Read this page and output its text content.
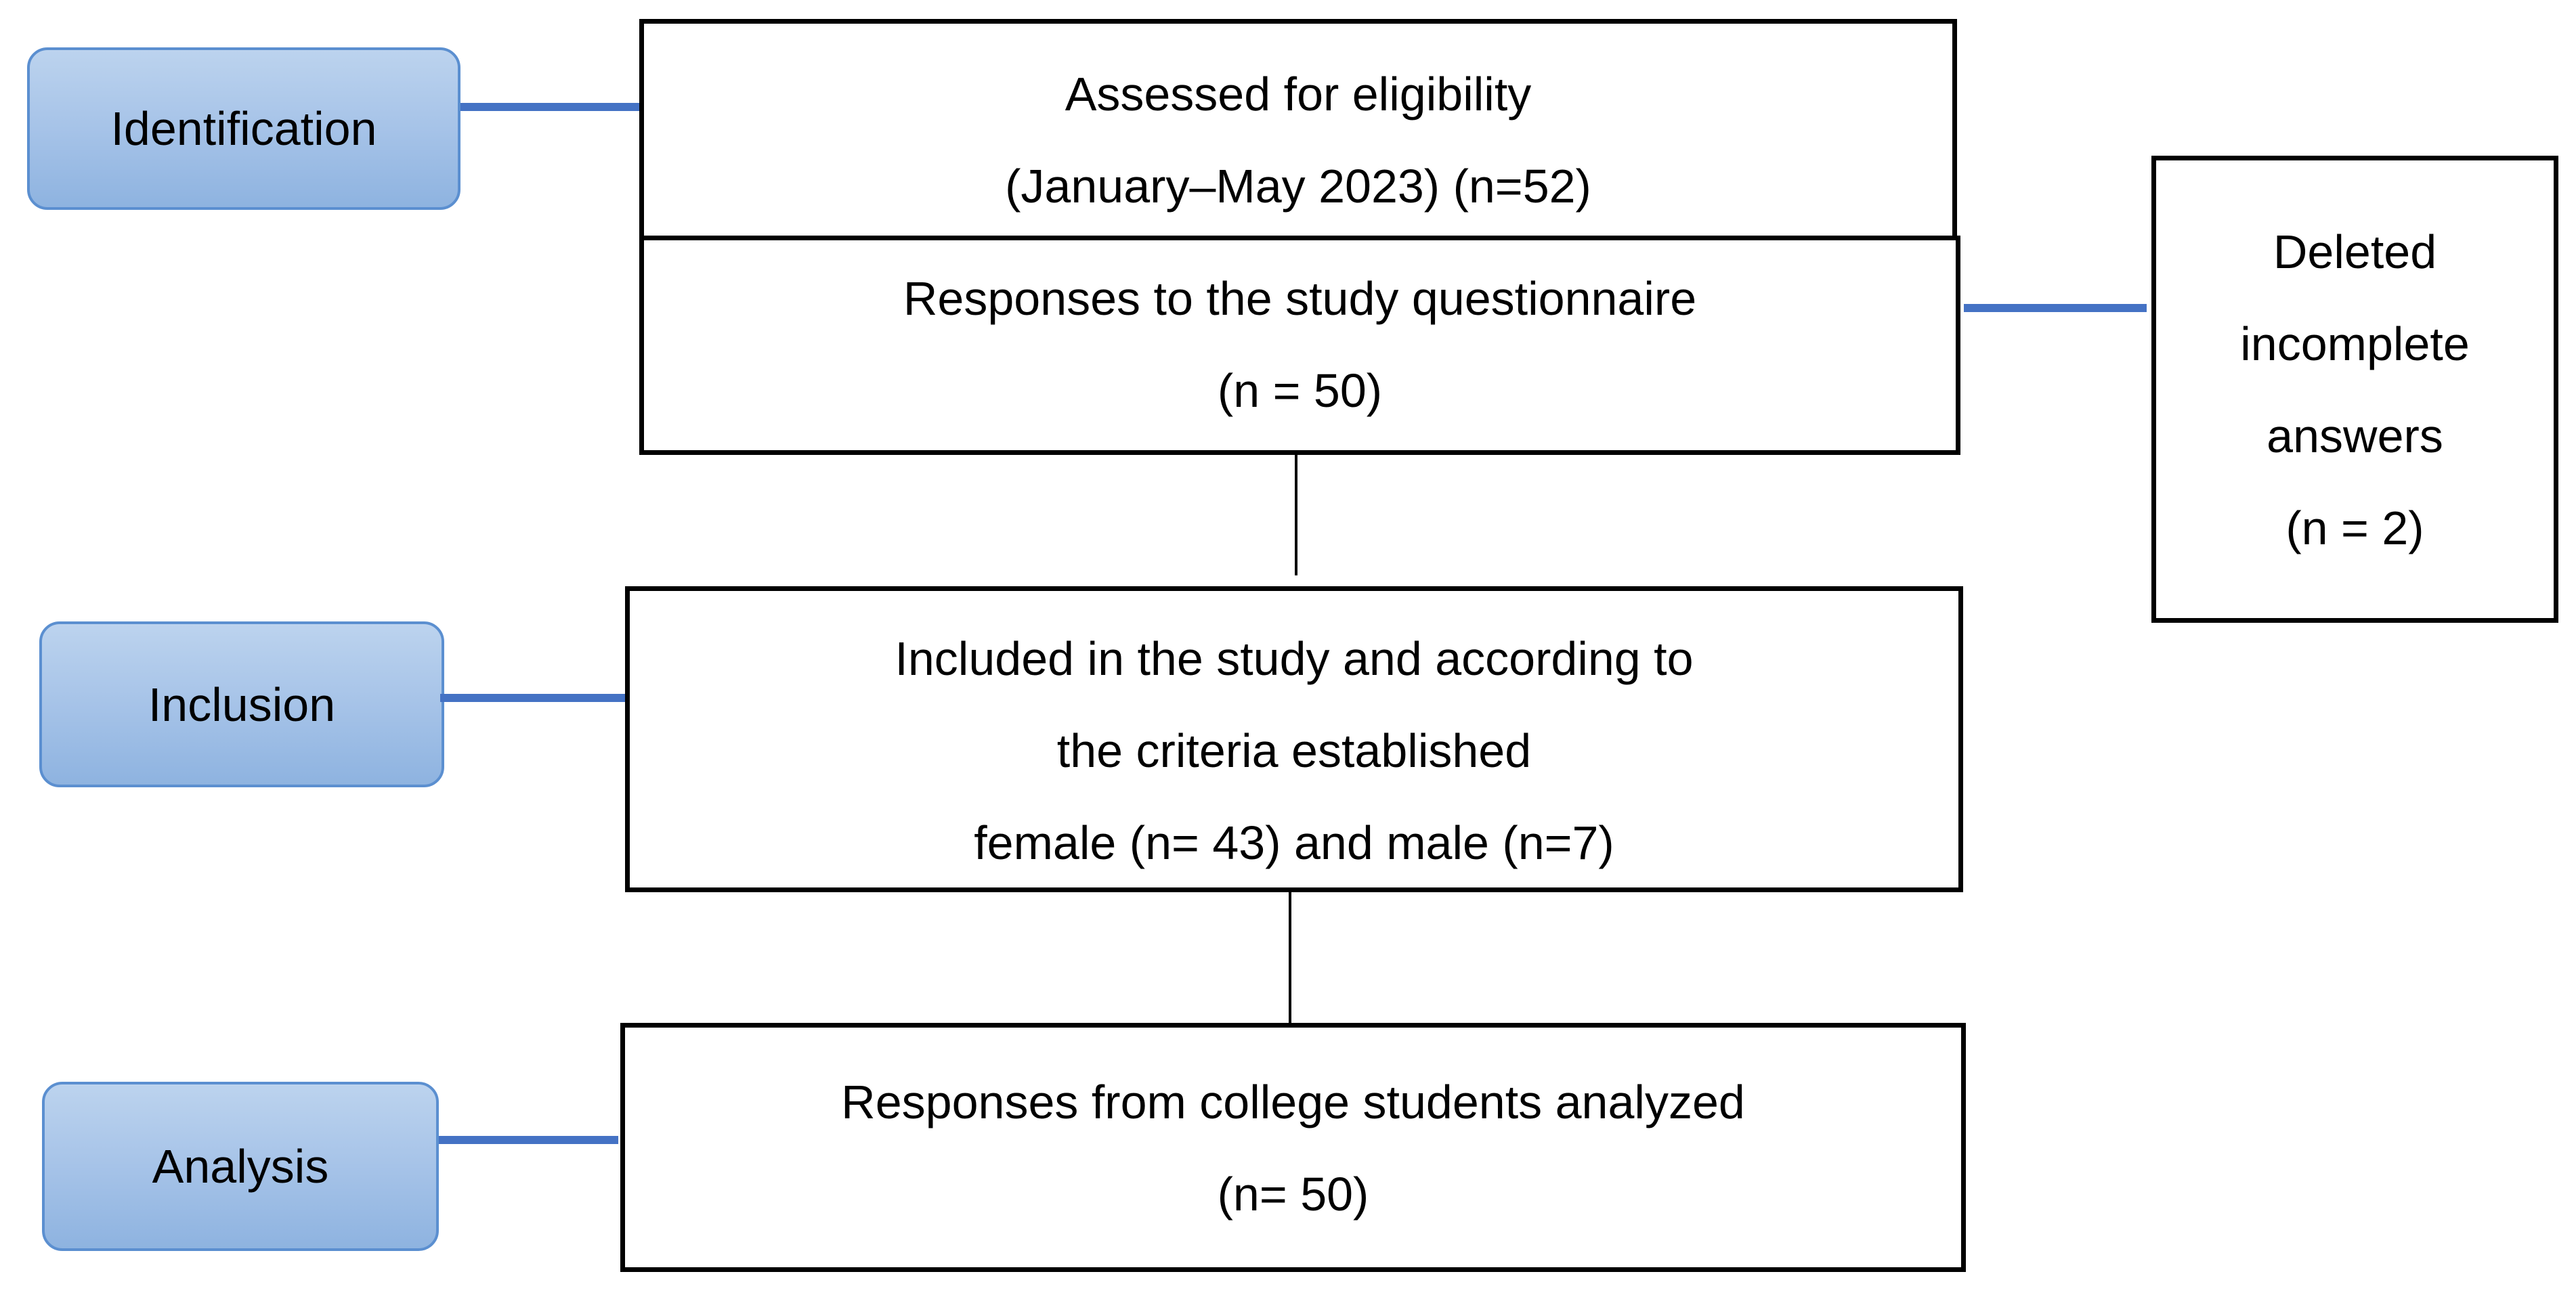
Identification
Inclusion
Analysis
Assessed for eligibility
(January–May 2023) (n=52)
Responses to the study questionnaire
(n = 50)
Deleted
incomplete
answers
(n = 2)
Included in the study and according to
the criteria established
female (n= 43) and male (n=7)
Responses from college students analyzed
(n= 50)
